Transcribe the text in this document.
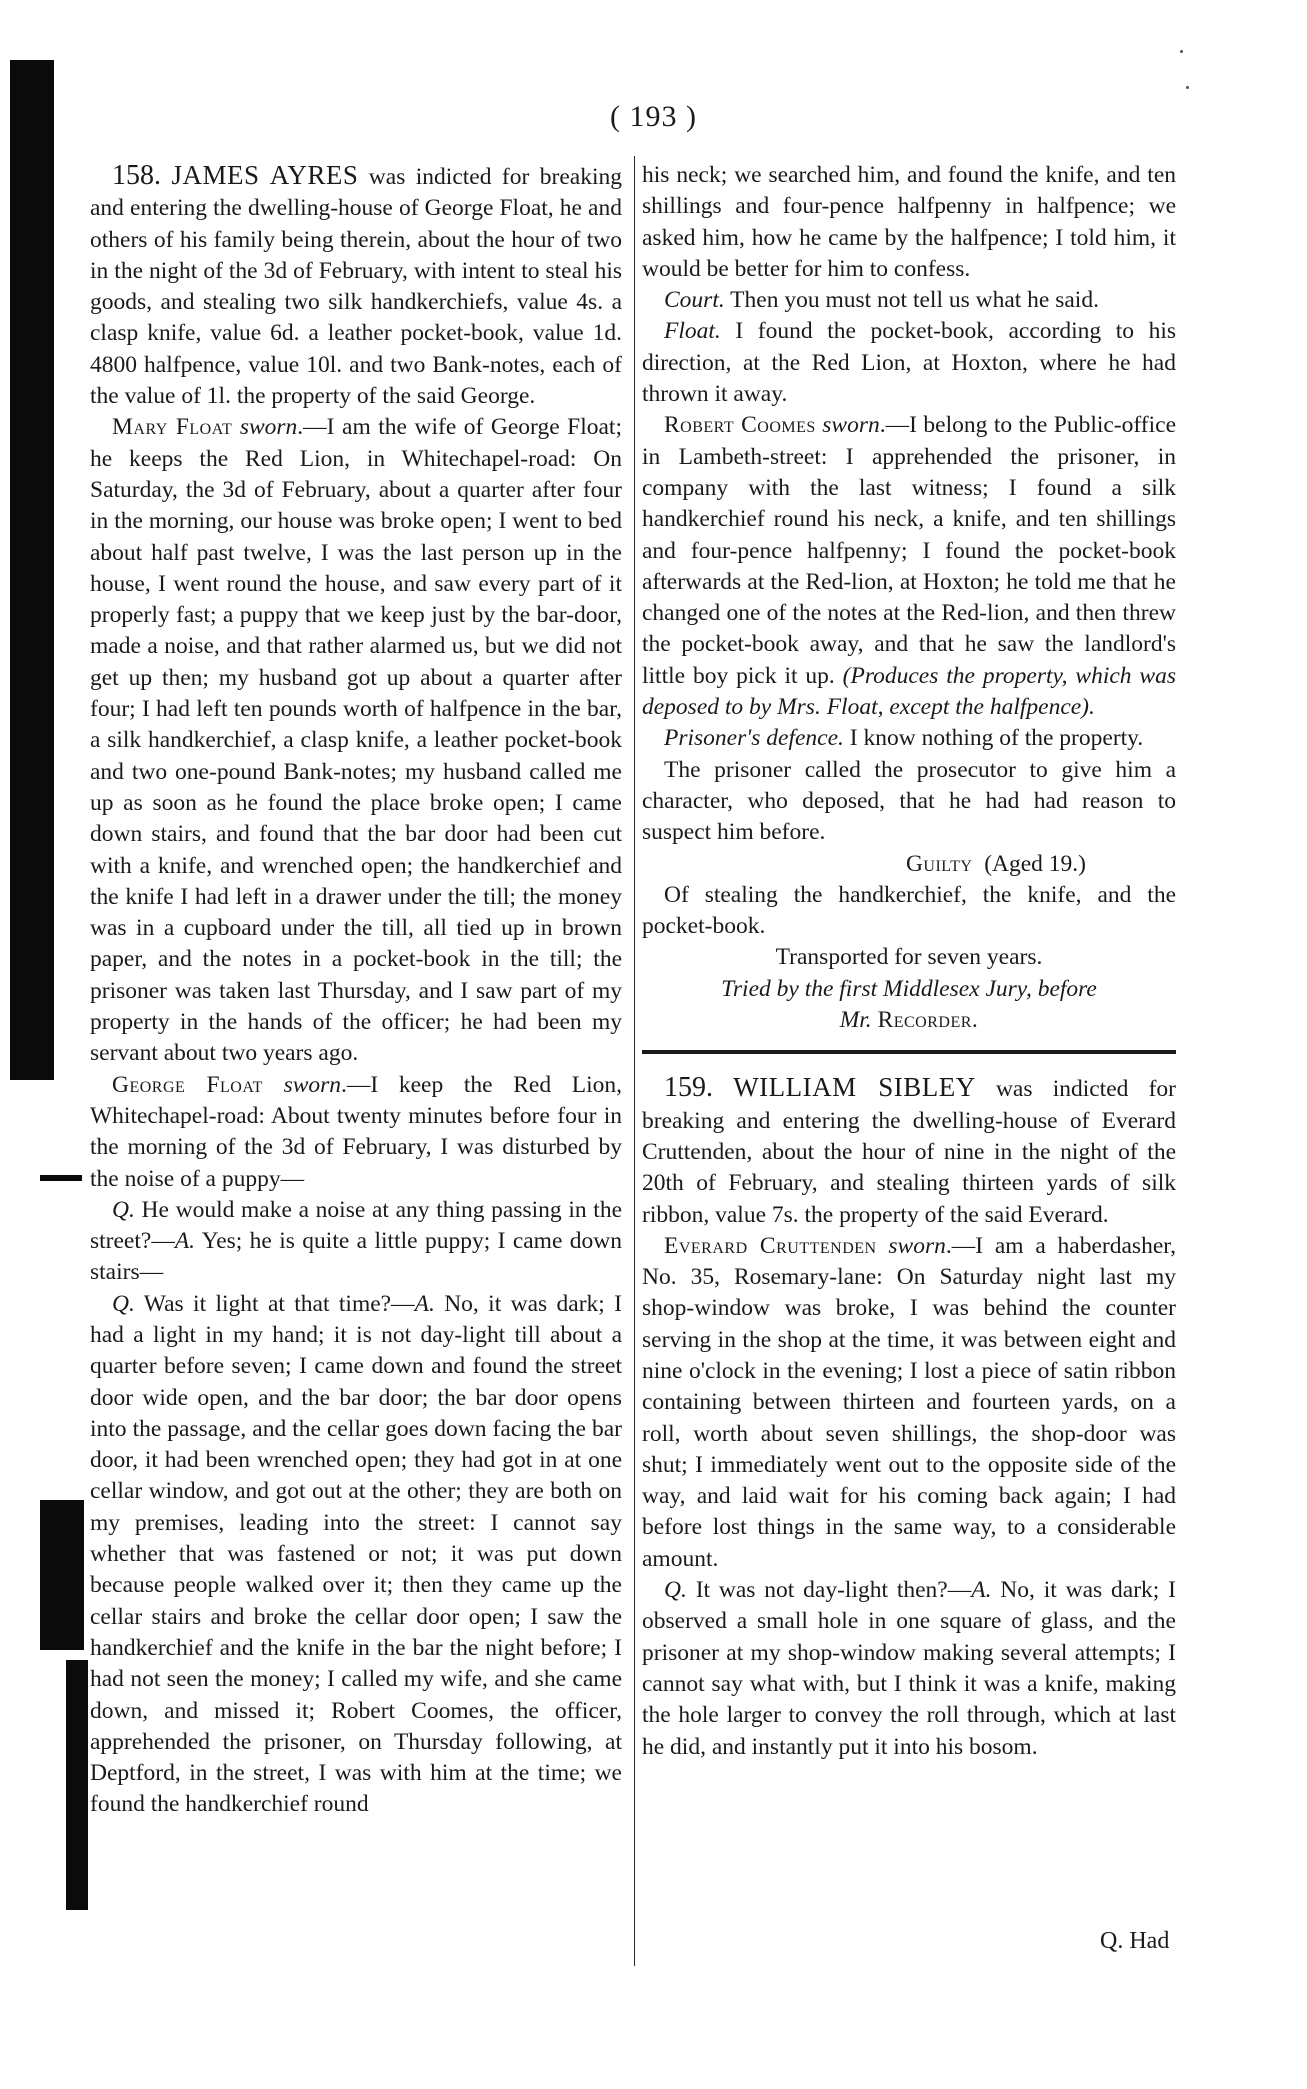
( 193 )

158. JAMES AYRES was indicted for breaking and entering the dwelling-house of George Float, he and others of his family being therein, about the hour of two in the night of the 3d of February, with intent to steal his goods, and stealing two silk handkerchiefs, value 4s. a clasp knife, value 6d. a leather pocket-book, value 1d. 4800 halfpence, value 10l. and two Bank-notes, each of the value of 1l. the property of the said George.

Mary Float sworn.—I am the wife of George Float; he keeps the Red Lion, in Whitechapel-road: On Saturday, the 3d of February, about a quarter after four in the morning, our house was broke open; I went to bed about half past twelve, I was the last person up in the house, I went round the house, and saw every part of it properly fast; a puppy that we keep just by the bar-door, made a noise, and that rather alarmed us, but we did not get up then; my husband got up about a quarter after four; I had left ten pounds worth of halfpence in the bar, a silk handkerchief, a clasp knife, a leather pocket-book and two one-pound Bank-notes; my husband called me up as soon as he found the place broke open; I came down stairs, and found that the bar door had been cut with a knife, and wrenched open; the handkerchief and the knife I had left in a drawer under the till; the money was in a cupboard under the till, all tied up in brown paper, and the notes in a pocket-book in the till; the prisoner was taken last Thursday, and I saw part of my property in the hands of the officer; he had been my servant about two years ago.

George Float sworn.—I keep the Red Lion, Whitechapel-road: About twenty minutes before four in the morning of the 3d of February, I was disturbed by the noise of a puppy—

Q. He would make a noise at any thing passing in the street?—A. Yes; he is quite a little puppy; I came down stairs—

Q. Was it light at that time?—A. No, it was dark; I had a light in my hand; it is not day-light till about a quarter before seven; I came down and found the street door wide open, and the bar door; the bar door opens into the passage, and the cellar goes down facing the bar door, it had been wrenched open; they had got in at one cellar window, and got out at the other; they are both on my premises, leading into the street: I cannot say whether that was fastened or not; it was put down because people walked over it; then they came up the cellar stairs and broke the cellar door open; I saw the handkerchief and the knife in the bar the night before; I had not seen the money; I called my wife, and she came down, and missed it; Robert Coomes, the officer, apprehended the prisoner, on Thursday following, at Deptford, in the street, I was with him at the time; we found the handkerchief round

his neck; we searched him, and found the knife, and ten shillings and four-pence halfpenny in halfpence; we asked him, how he came by the halfpence; I told him, it would be better for him to confess.

Court. Then you must not tell us what he said.

Float. I found the pocket-book, according to his direction, at the Red Lion, at Hoxton, where he had thrown it away.

Robert Coomes sworn.—I belong to the Public-office in Lambeth-street: I apprehended the prisoner, in company with the last witness; I found a silk handkerchief round his neck, a knife, and ten shillings and four-pence halfpenny; I found the pocket-book afterwards at the Red-lion, at Hoxton; he told me that he changed one of the notes at the Red-lion, and then threw the pocket-book away, and that he saw the landlord's little boy pick it up. (Produces the property, which was deposed to by Mrs. Float, except the halfpence).

Prisoner's defence. I know nothing of the property.

The prisoner called the prosecutor to give him a character, who deposed, that he had had reason to suspect him before.

Guilty (Aged 19.)

Of stealing the handkerchief, the knife, and the pocket-book.

Transported for seven years.

Tried by the first Middlesex Jury, before
Mr. Recorder.

159. WILLIAM SIBLEY was indicted for breaking and entering the dwelling-house of Everard Cruttenden, about the hour of nine in the night of the 20th of February, and stealing thirteen yards of silk ribbon, value 7s. the property of the said Everard.

Everard Cruttenden sworn.—I am a haberdasher, No. 35, Rosemary-lane: On Saturday night last my shop-window was broke, I was behind the counter serving in the shop at the time, it was between eight and nine o'clock in the evening; I lost a piece of satin ribbon containing between thirteen and fourteen yards, on a roll, worth about seven shillings, the shop-door was shut; I immediately went out to the opposite side of the way, and laid wait for his coming back again; I had before lost things in the same way, to a considerable amount.

Q. It was not day-light then?—A. No, it was dark; I observed a small hole in one square of glass, and the prisoner at my shop-window making several attempts; I cannot say what with, but I think it was a knife, making the hole larger to convey the roll through, which at last he did, and instantly put it into his bosom.

Q. Had
